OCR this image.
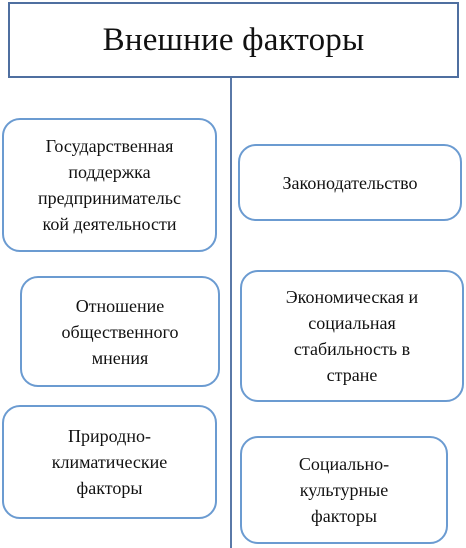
Внешние факторы
Государственная
поддержка
предпринимательс
кой деятельности
Отношение
общественного
мнения
Природно-
климатические
факторы
Законодательство
Экономическая и
социальная
стабильность в
стране
Социально-
культурные
факторы
